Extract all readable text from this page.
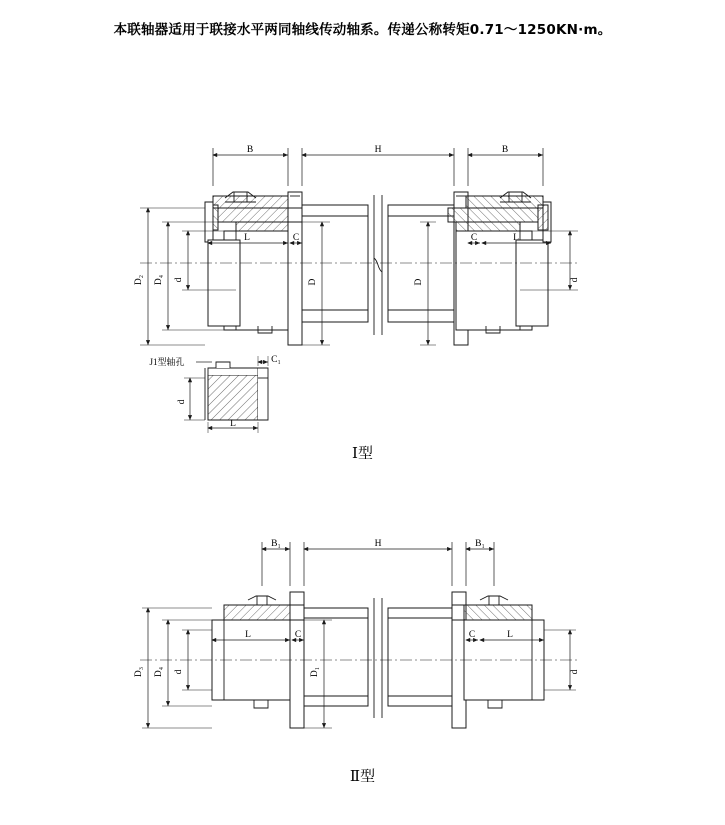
本联轴器适用于联接水平两同轴线传动轴系。传递公称转矩0.71～1250KN·m。
B	H	B
D₂ D₄ d	d
L	C	C	L
D	D
J1型轴孔	C₁
d
L
Ⅰ型
B₁	H	B₁
D₃ D₄ d	d
L	C	C	L
D₁
Ⅱ型
